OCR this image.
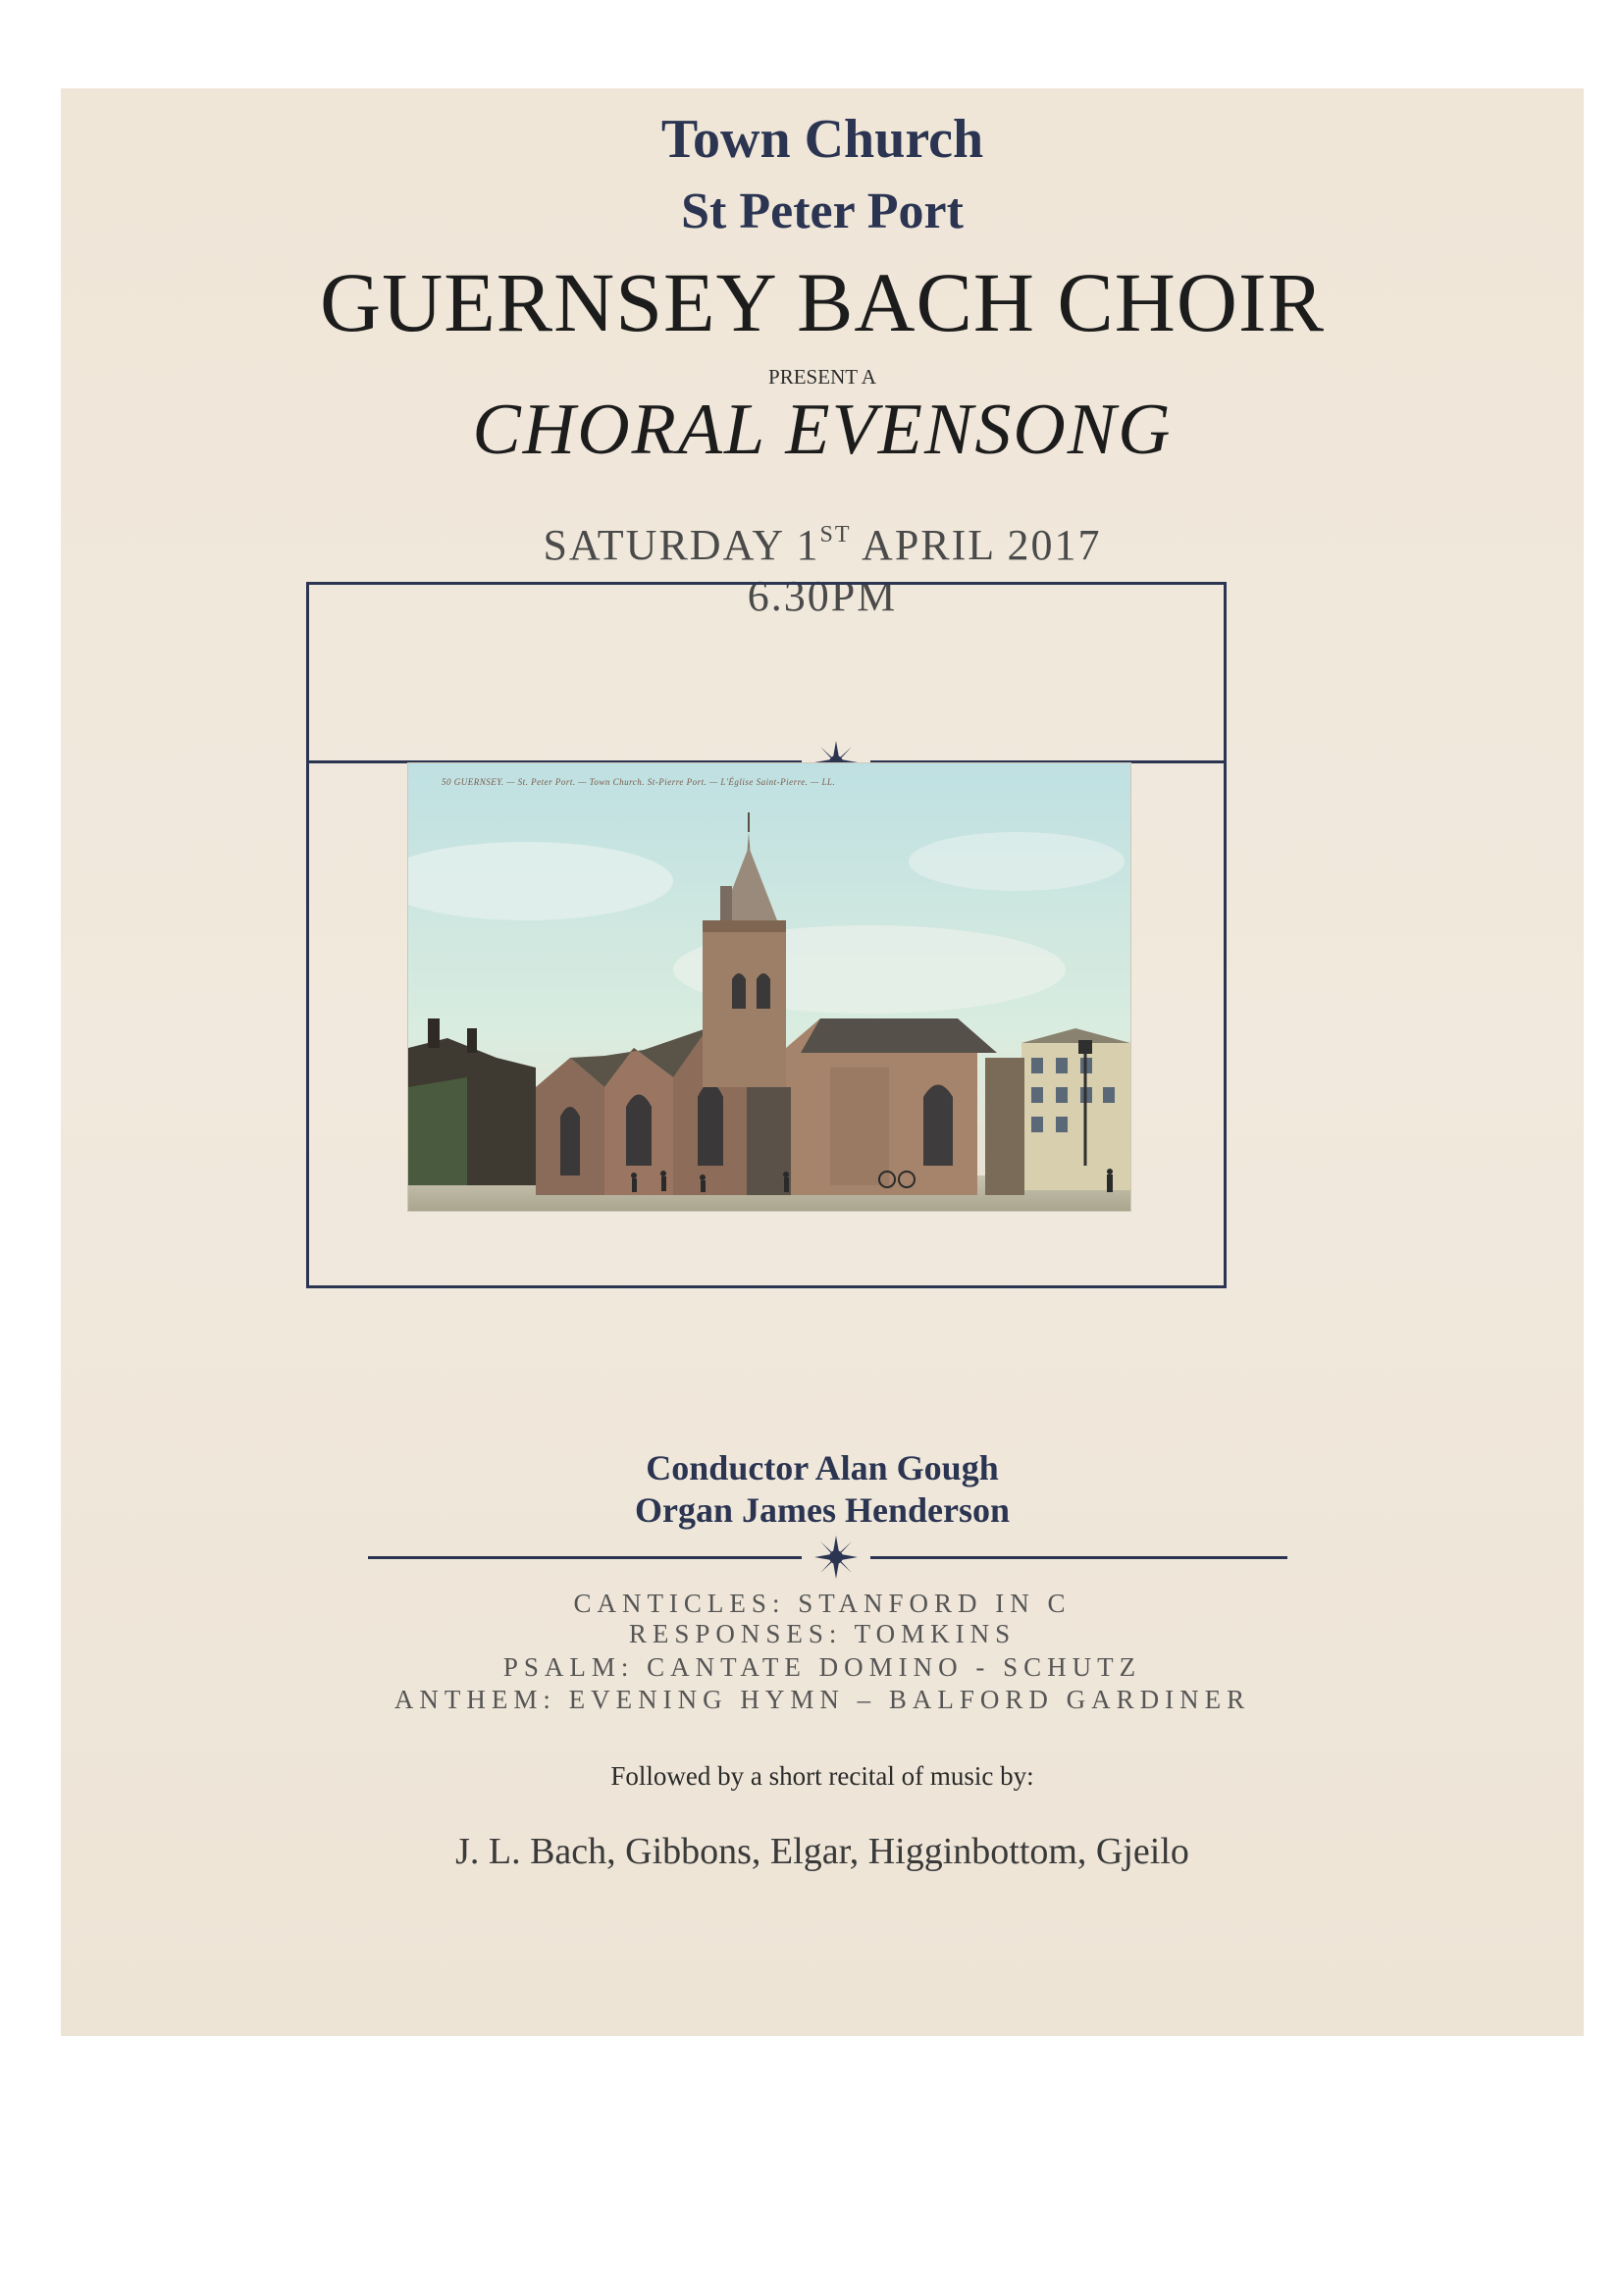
Town Church
St Peter Port
GUERNSEY BACH CHOIR
PRESENT A
CHORAL EVENSONG
SATURDAY 1ST APRIL 2017
6.30PM
Conductor Alan Gough
Organ James Henderson
CANTICLES: STANFORD IN C
RESPONSES: TOMKINS
PSALM: CANTATE DOMINO - SCHUTZ
ANTHEM: EVENING HYMN – BALFORD GARDINER
Followed by a short recital of music by:
J. L. Bach, Gibbons, Elgar, Higginbottom, Gjeilo
50 GUERNSEY. — St. Peter Port. — Town Church. St-Pierre Port. — L'Église Saint-Pierre. — LL.
